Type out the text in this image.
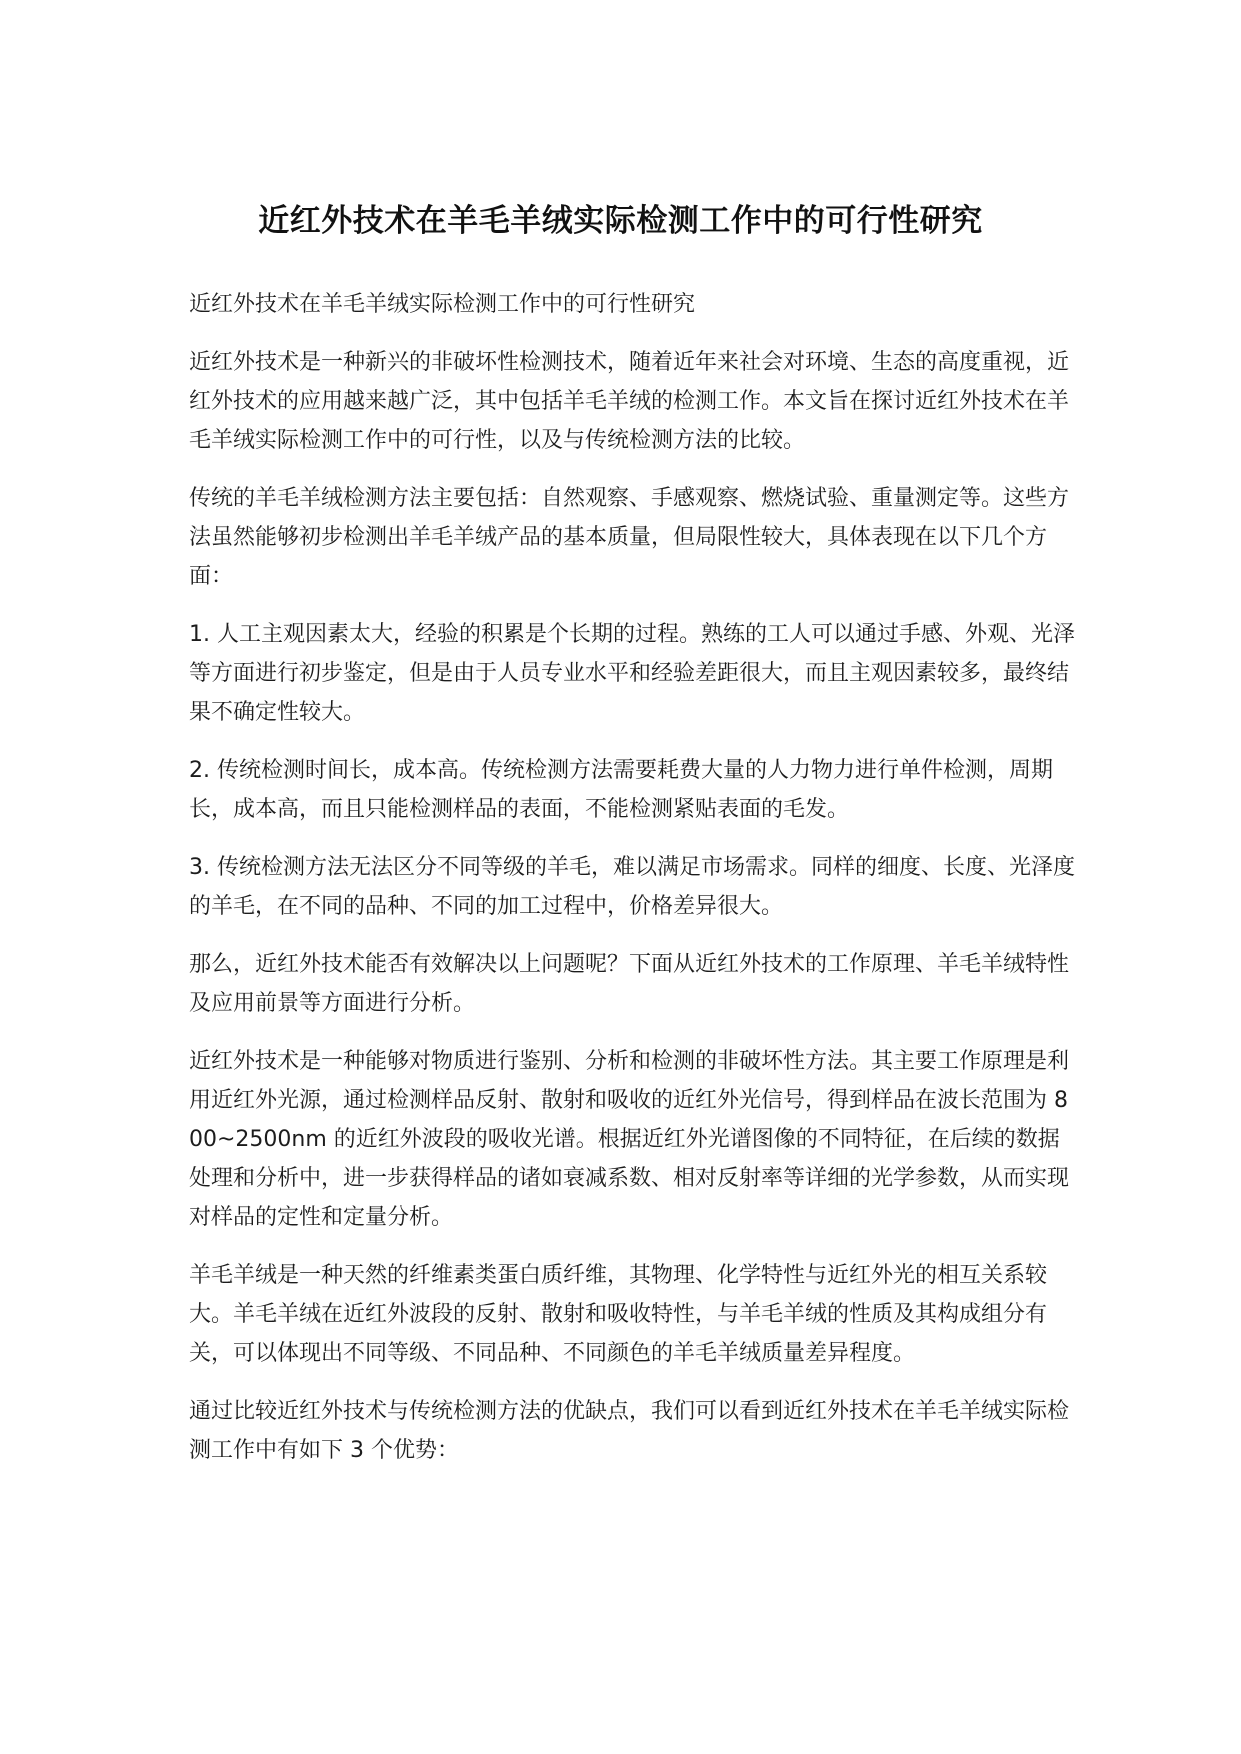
近红外技术在羊毛羊绒实际检测工作中的可行性研究

近红外技术在羊毛羊绒实际检测工作中的可行性研究

近红外技术是一种新兴的非破坏性检测技术，随着近年来社会对环境、生态的高度重视，近红外技术的应用越来越广泛，其中包括羊毛羊绒的检测工作。本文旨在探讨近红外技术在羊毛羊绒实际检测工作中的可行性，以及与传统检测方法的比较。

传统的羊毛羊绒检测方法主要包括：自然观察、手感观察、燃烧试验、重量测定等。这些方法虽然能够初步检测出羊毛羊绒产品的基本质量，但局限性较大，具体表现在以下几个方面：

1. 人工主观因素太大，经验的积累是个长期的过程。熟练的工人可以通过手感、外观、光泽等方面进行初步鉴定，但是由于人员专业水平和经验差距很大，而且主观因素较多，最终结果不确定性较大。

2. 传统检测时间长，成本高。传统检测方法需要耗费大量的人力物力进行单件检测，周期长，成本高，而且只能检测样品的表面，不能检测紧贴表面的毛发。

3. 传统检测方法无法区分不同等级的羊毛，难以满足市场需求。同样的细度、长度、光泽度的羊毛，在不同的品种、不同的加工过程中，价格差异很大。

那么，近红外技术能否有效解决以上问题呢？下面从近红外技术的工作原理、羊毛羊绒特性及应用前景等方面进行分析。

近红外技术是一种能够对物质进行鉴别、分析和检测的非破坏性方法。其主要工作原理是利用近红外光源，通过检测样品反射、散射和吸收的近红外光信号，得到样品在波长范围为 800~2500nm 的近红外波段的吸收光谱。根据近红外光谱图像的不同特征，在后续的数据处理和分析中，进一步获得样品的诸如衰减系数、相对反射率等详细的光学参数，从而实现对样品的定性和定量分析。

羊毛羊绒是一种天然的纤维素类蛋白质纤维，其物理、化学特性与近红外光的相互关系较大。羊毛羊绒在近红外波段的反射、散射和吸收特性，与羊毛羊绒的性质及其构成组分有关，可以体现出不同等级、不同品种、不同颜色的羊毛羊绒质量差异程度。

通过比较近红外技术与传统检测方法的优缺点，我们可以看到近红外技术在羊毛羊绒实际检测工作中有如下 3 个优势：
